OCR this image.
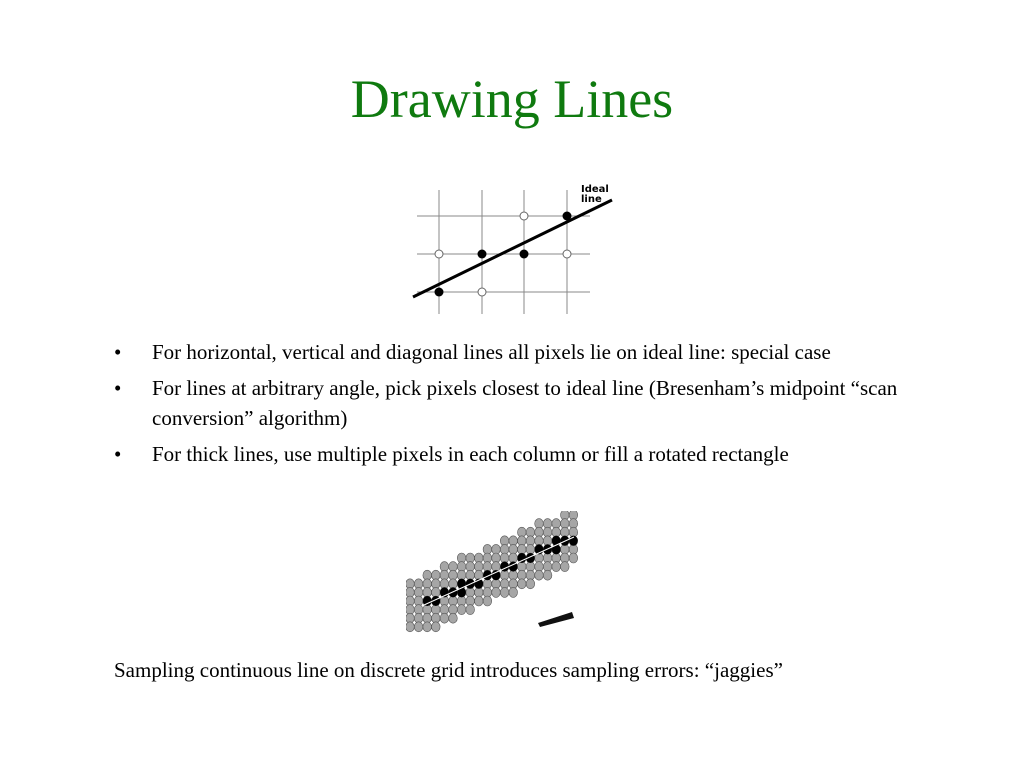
Drawing Lines
Ideal
line
• For horizontal, vertical and diagonal lines all pixels lie on ideal line: special case
• For lines at arbitrary angle, pick pixels closest to ideal line (Bresenham’s midpoint “scan conversion” algorithm)
• For thick lines, use multiple pixels in each column or fill a rotated rectangle
Sampling continuous line on discrete grid introduces sampling errors: “jaggies”
